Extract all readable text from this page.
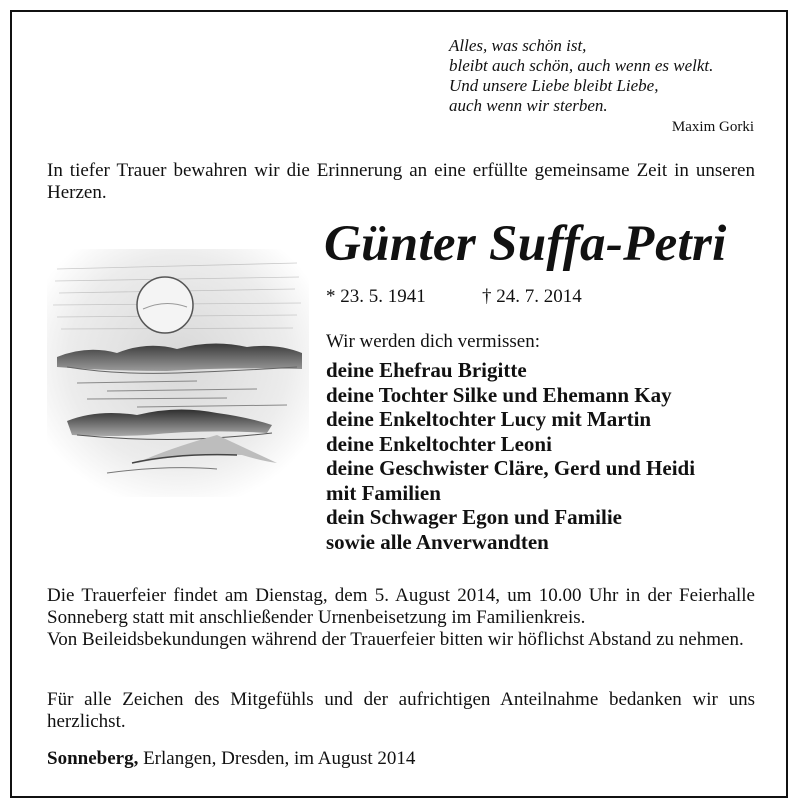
Alles, was schön ist,
bleibt auch schön, auch wenn es welkt.
Und unsere Liebe bleibt Liebe,
auch wenn wir sterben.
Maxim Gorki
In tiefer Trauer bewahren wir die Erinnerung an eine erfüllte gemeinsame Zeit in unseren Herzen.
Günter Suffa-Petri
* 23. 5. 1941	† 24. 7. 2014
Wir werden dich vermissen:
deine Ehefrau Brigitte
deine Tochter Silke und Ehemann Kay
deine Enkeltochter Lucy mit Martin
deine Enkeltochter Leoni
deine Geschwister Cläre, Gerd und Heidi
mit Familien
dein Schwager Egon und Familie
sowie alle Anverwandten
Die Trauerfeier findet am Dienstag, dem 5. August 2014, um 10.00 Uhr in der Feierhalle Sonneberg statt mit anschließender Urnenbeisetzung im Familienkreis.
Von Beileidsbekundungen während der Trauerfeier bitten wir höflichst Abstand zu nehmen.
Für alle Zeichen des Mitgefühls und der aufrichtigen Anteilnahme bedanken wir uns herzlichst.
Sonneberg, Erlangen, Dresden, im August 2014
